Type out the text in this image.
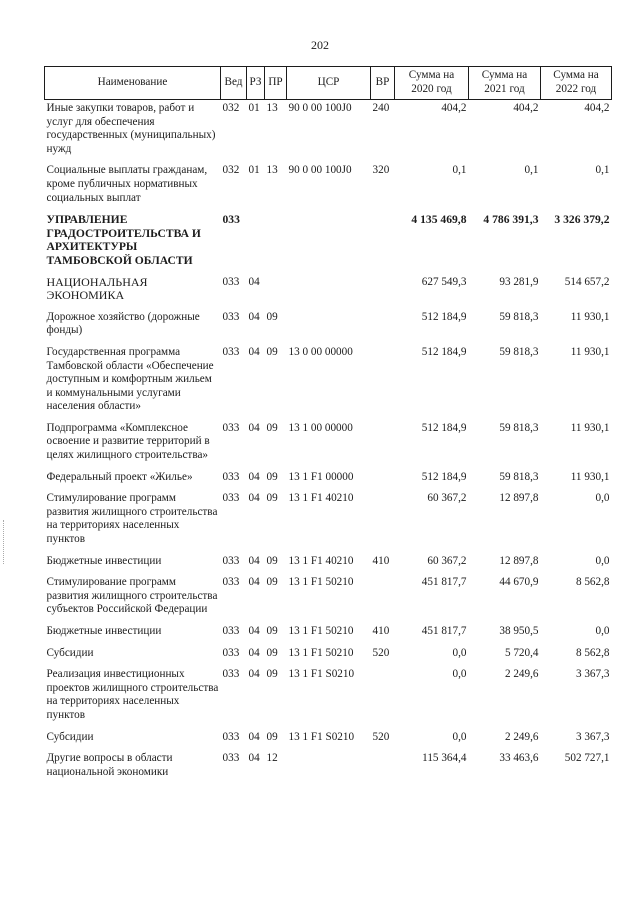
202
Наименование	Вед	РЗ	ПР	ЦСР	ВР	Сумма на 2020 год	Сумма на 2021 год	Сумма на 2022 год
Иные закупки товаров, работ и услуг для обеспечения государственных (муниципальных) нужд	032	01	13	90 0 00 100J0	240	404,2	404,2	404,2
Социальные выплаты гражданам, кроме публичных нормативных социальных выплат	032	01	13	90 0 00 100J0	320	0,1	0,1	0,1
УПРАВЛЕНИЕ ГРАДОСТРОИТЕЛЬСТВА И АРХИТЕКТУРЫ ТАМБОВСКОЙ ОБЛАСТИ	033					4 135 469,8	4 786 391,3	3 326 379,2
НАЦИОНАЛЬНАЯ ЭКОНОМИКА	033	04				627 549,3	93 281,9	514 657,2
Дорожное хозяйство (дорожные фонды)	033	04	09			512 184,9	59 818,3	11 930,1
Государственная программа Тамбовской области «Обеспечение доступным и комфортным жильем и коммунальными услугами населения области»	033	04	09	13 0 00 00000		512 184,9	59 818,3	11 930,1
Подпрограмма «Комплексное освоение и развитие территорий в целях жилищного строительства»	033	04	09	13 1 00 00000		512 184,9	59 818,3	11 930,1
Федеральный проект «Жилье»	033	04	09	13 1 F1 00000		512 184,9	59 818,3	11 930,1
Стимулирование программ развития жилищного строительства на территориях населенных пунктов	033	04	09	13 1 F1 40210		60 367,2	12 897,8	0,0
Бюджетные инвестиции	033	04	09	13 1 F1 40210	410	60 367,2	12 897,8	0,0
Стимулирование программ развития жилищного строительства субъектов Российской Федерации	033	04	09	13 1 F1 50210		451 817,7	44 670,9	8 562,8
Бюджетные инвестиции	033	04	09	13 1 F1 50210	410	451 817,7	38 950,5	0,0
Субсидии	033	04	09	13 1 F1 50210	520	0,0	5 720,4	8 562,8
Реализация инвестиционных проектов жилищного строительства на территориях населенных пунктов	033	04	09	13 1 F1 S0210		0,0	2 249,6	3 367,3
Субсидии	033	04	09	13 1 F1 S0210	520	0,0	2 249,6	3 367,3
Другие вопросы в области национальной экономики	033	04	12			115 364,4	33 463,6	502 727,1
